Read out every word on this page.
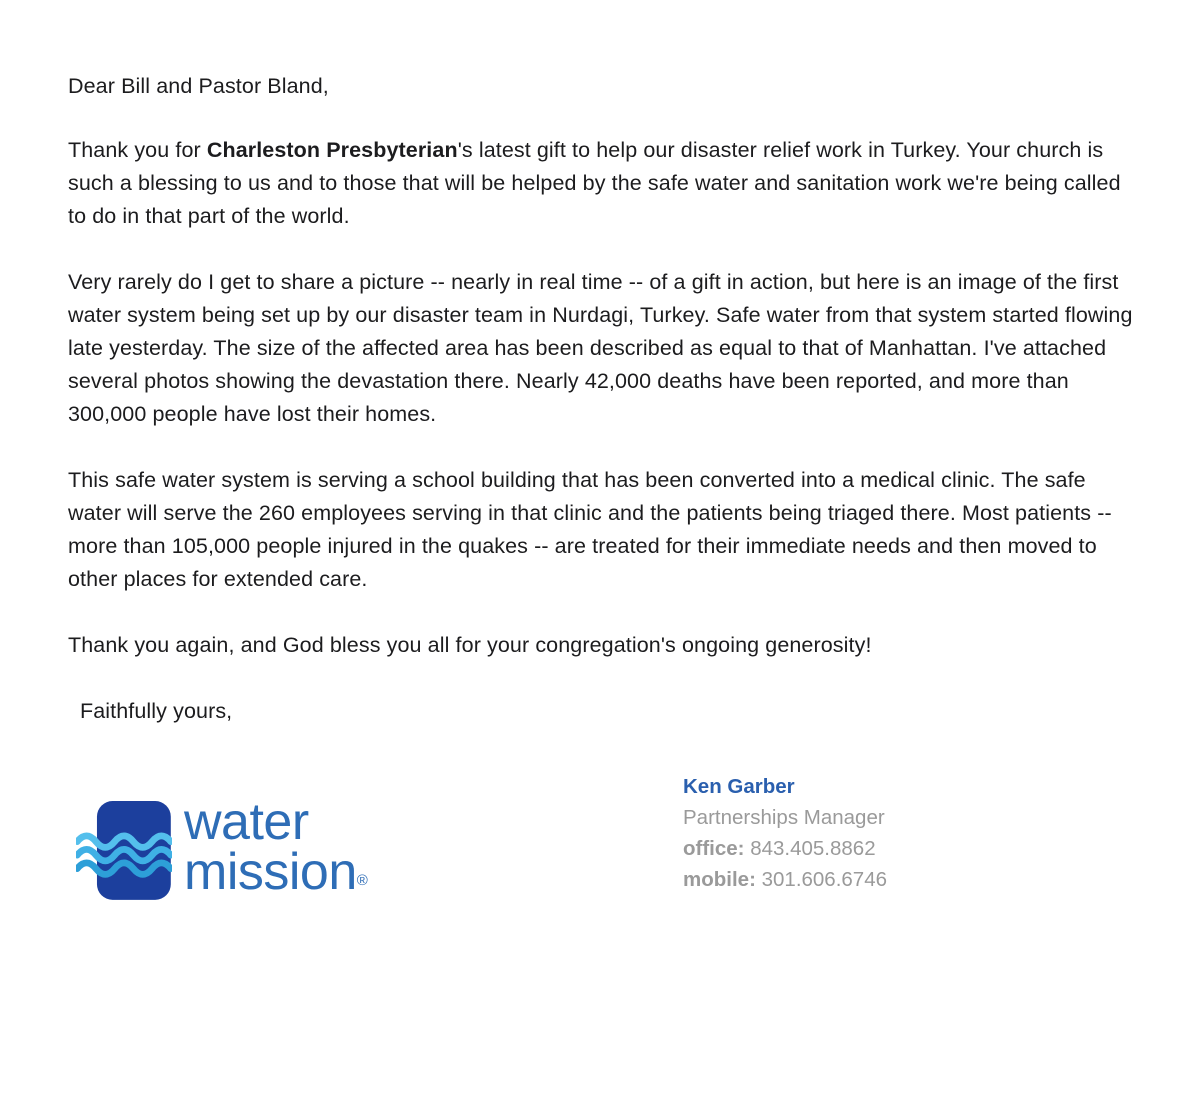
Dear Bill and Pastor Bland,

Thank you for Charleston Presbyterian's latest gift to help our disaster relief work in Turkey. Your church is such a blessing to us and to those that will be helped by the safe water and sanitation work we're being called to do in that part of the world.

Very rarely do I get to share a picture -- nearly in real time -- of a gift in action, but here is an image of the first water system being set up by our disaster team in Nurdagi, Turkey. Safe water from that system started flowing late yesterday. The size of the affected area has been described as equal to that of Manhattan. I've attached several photos showing the devastation there. Nearly 42,000 deaths have been reported, and more than 300,000 people have lost their homes.

This safe water system is serving a school building that has been converted into a medical clinic. The safe water will serve the 260 employees serving in that clinic and the patients being triaged there. Most patients -- more than 105,000 people injured in the quakes -- are treated for their immediate needs and then moved to other places for extended care.

Thank you again, and God bless you all for your congregation's ongoing generosity!

Faithfully yours,

water
mission®
Ken Garber
Partnerships Manager
office: 843.405.8862
mobile: 301.606.6746
